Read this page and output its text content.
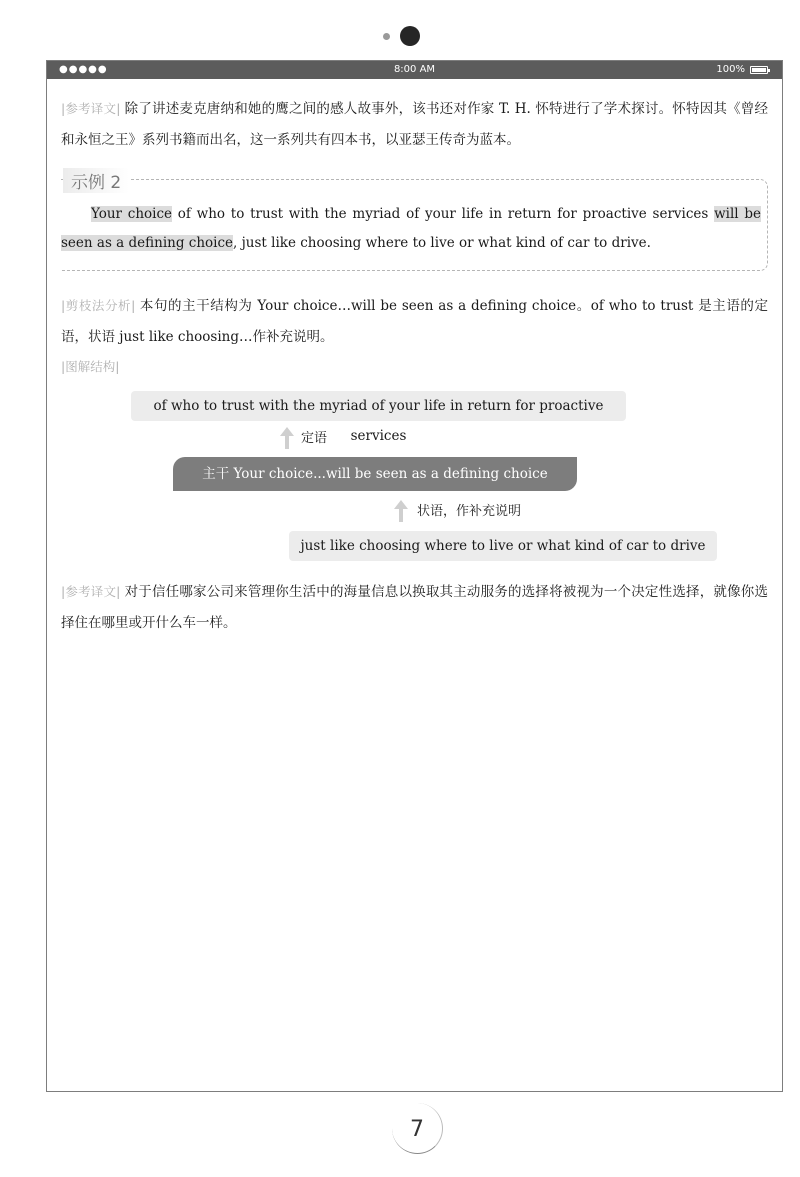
●●●●●	8:00 AM	100%

|参考译文| 除了讲述麦克唐纳和她的鹰之间的感人故事外，该书还对作家 T. H. 怀特进行了学术探讨。怀特因其《曾经和永恒之王》系列书籍而出名，这一系列共有四本书，以亚瑟王传奇为蓝本。

示例 2

Your choice of who to trust with the myriad of your life in return for proactive services will be seen as a defining choice, just like choosing where to live or what kind of car to drive.

|剪枝法分析| 本句的主干结构为 Your choice…will be seen as a defining choice。of who to trust 是主语的定语，状语 just like choosing…作补充说明。

|图解结构|
of who to trust with the myriad of your life in return for proactive services
定语
主干 Your choice...will be seen as a defining choice
状语，作补充说明
just like choosing where to live or what kind of car to drive

|参考译文| 对于信任哪家公司来管理你生活中的海量信息以换取其主动服务的选择将被视为一个决定性选择，就像你选择住在哪里或开什么车一样。

7
